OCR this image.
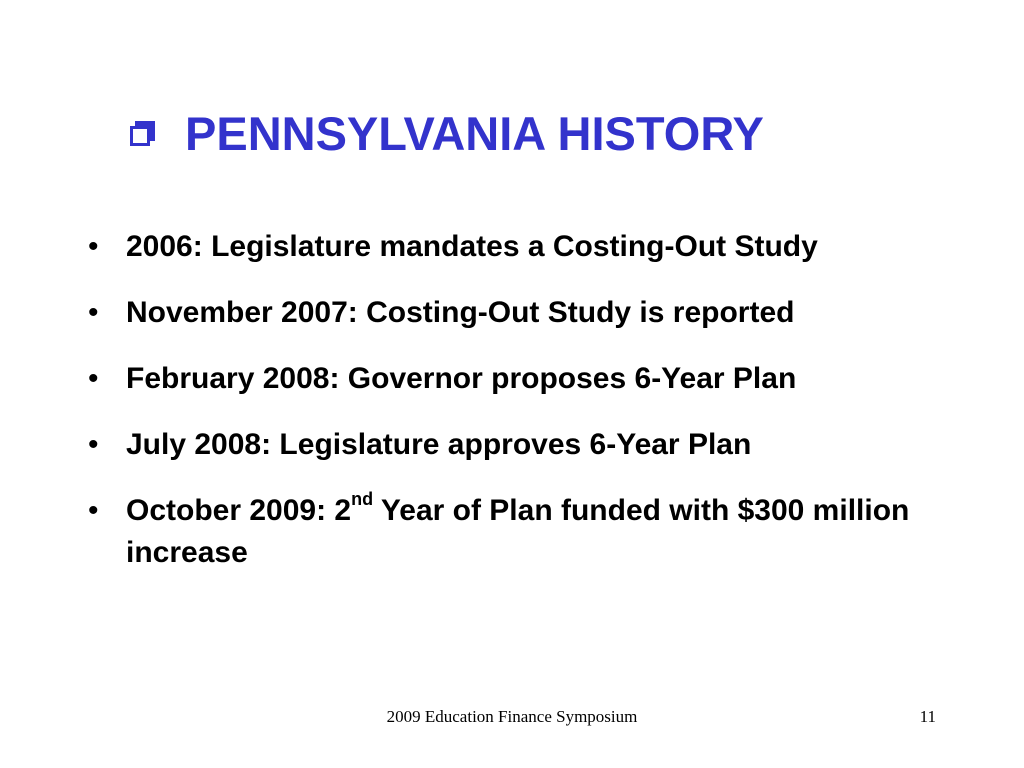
PENNSYLVANIA HISTORY
• 2006: Legislature mandates a Costing-Out Study
• November 2007: Costing-Out Study is reported
• February 2008: Governor proposes 6-Year Plan
• July 2008: Legislature approves 6-Year Plan
• October 2009: 2nd Year of Plan funded with $300 million increase
2009 Education Finance Symposium	11
